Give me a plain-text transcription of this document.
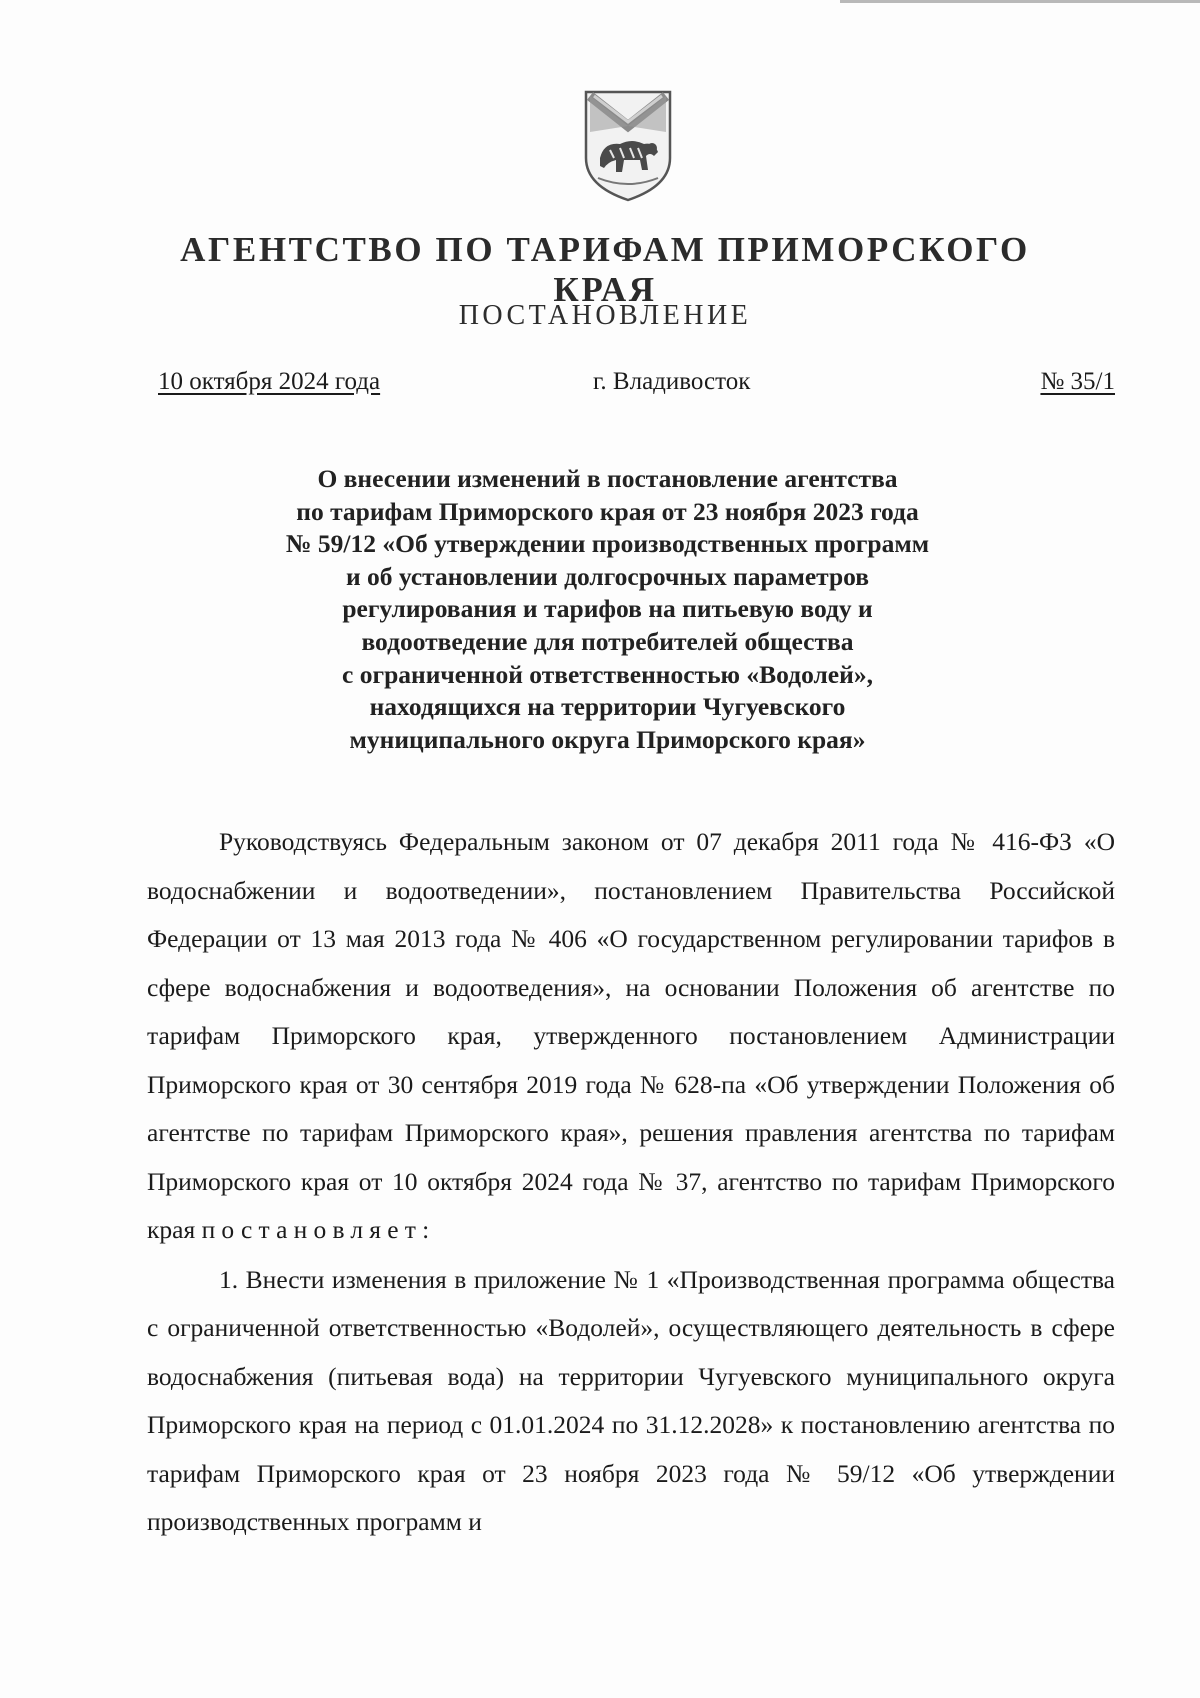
АГЕНТСТВО ПО ТАРИФАМ ПРИМОРСКОГО КРАЯ
ПОСТАНОВЛЕНИЕ
10 октября 2024 года	г. Владивосток	№ 35/1
О внесении изменений в постановление агентства
по тарифам Приморского края от 23 ноября 2023 года
№ 59/12 «Об утверждении производственных программ
и об установлении долгосрочных параметров
регулирования и тарифов на питьевую воду и
водоотведение для потребителей общества
с ограниченной ответственностью «Водолей»,
находящихся на территории Чугуевского
муниципального округа Приморского края»

Руководствуясь Федеральным законом от 07 декабря 2011 года № 416-ФЗ «О водоснабжении и водоотведении», постановлением Правительства Российской Федерации от 13 мая 2013 года № 406 «О государственном регулировании тарифов в сфере водоснабжения и водоотведения», на основании Положения об агентстве по тарифам Приморского края, утвержденного постановлением Администрации Приморского края от 30 сентября 2019 года № 628-па «Об утверждении Положения об агентстве по тарифам Приморского края», решения правления агентства по тарифам Приморского края от 10 октября 2024 года № 37, агентство по тарифам Приморского края постановляет:

1. Внести изменения в приложение № 1 «Производственная программа общества с ограниченной ответственностью «Водолей», осуществляющего деятельность в сфере водоснабжения (питьевая вода) на территории Чугуевского муниципального округа Приморского края на период с 01.01.2024 по 31.12.2028» к постановлению агентства по тарифам Приморского края от 23 ноября 2023 года № 59/12 «Об утверждении производственных программ и
